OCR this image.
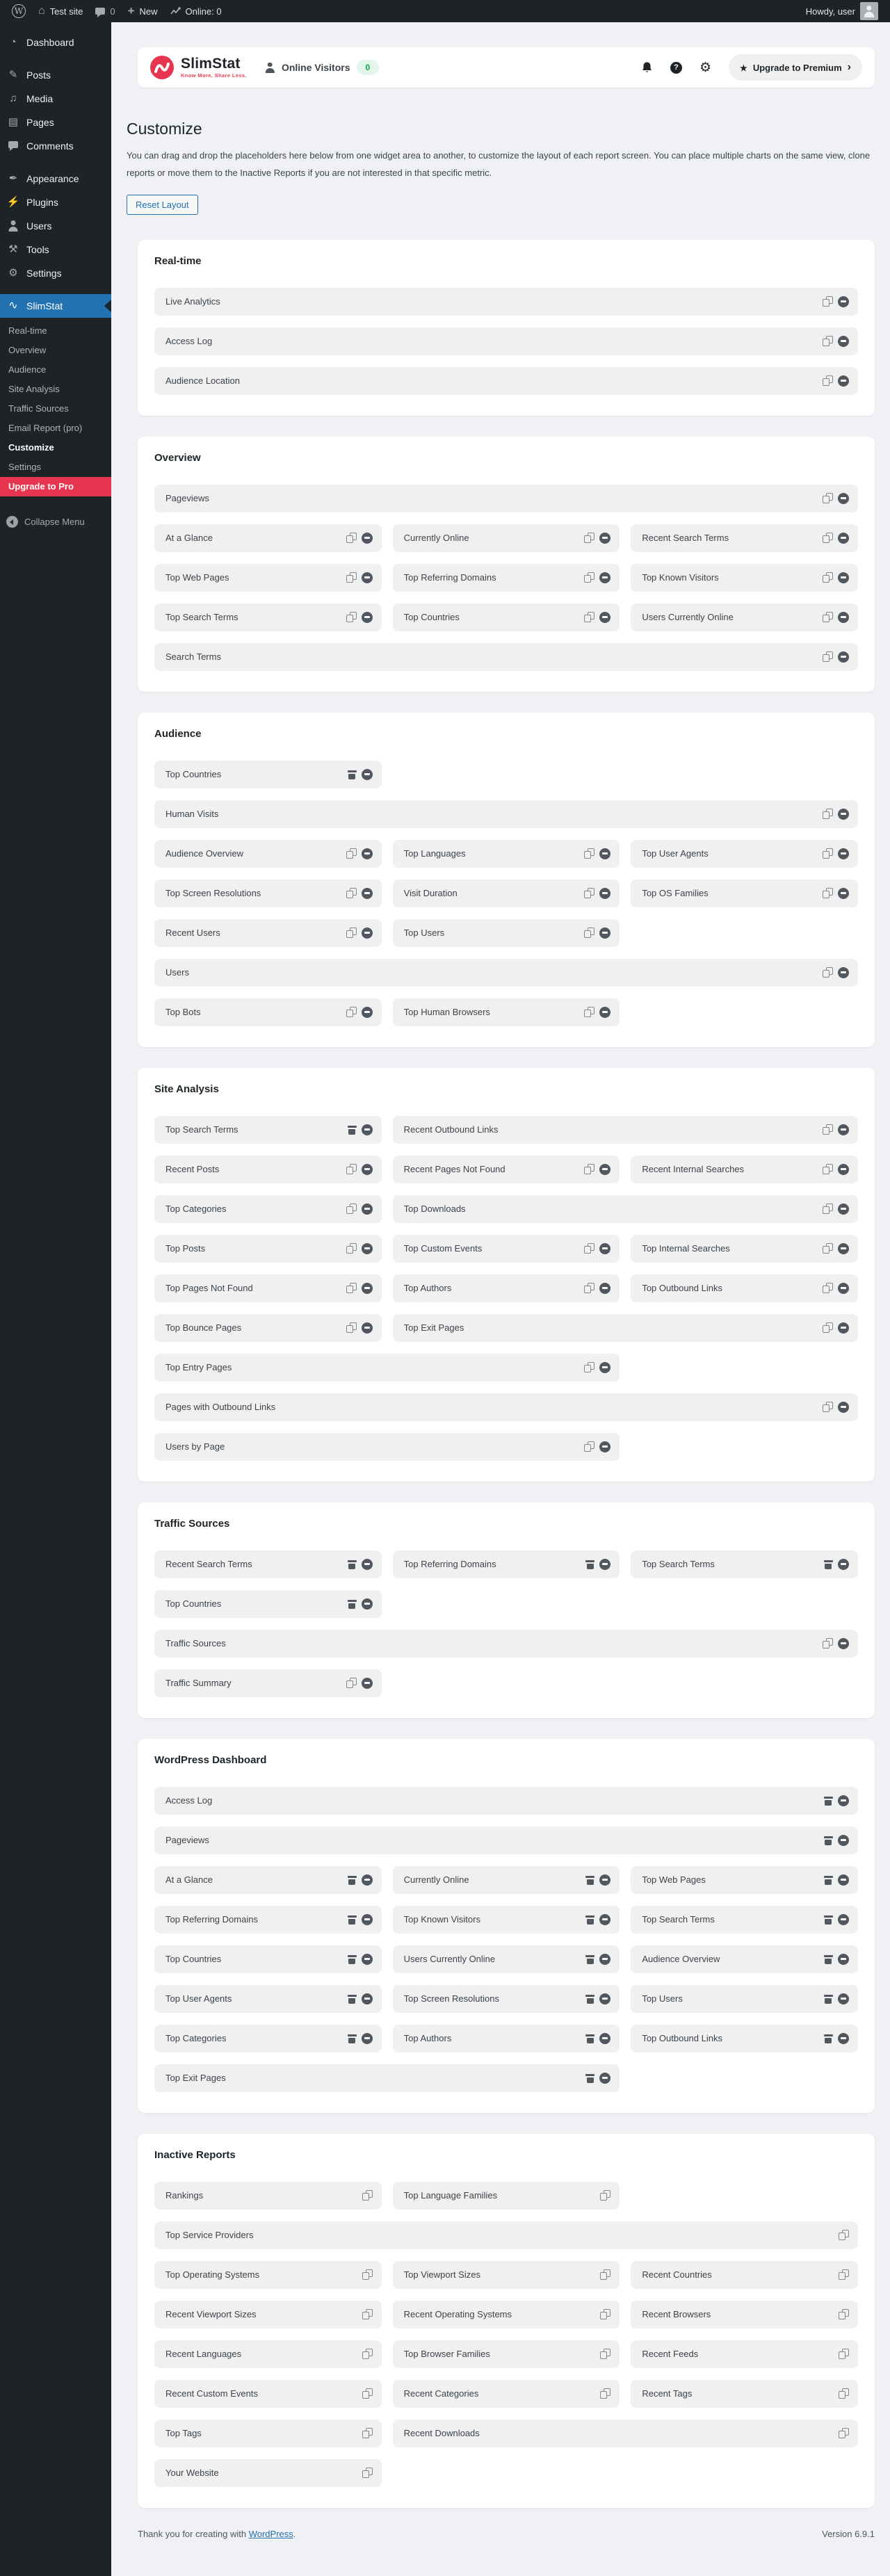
W
⌂
Test site	0 +	New	Online: 0	Howdy, user
◔
Dashboard
✎
Posts
♫
Media
▤
Pages
Comments
✒
Appearance
⚡
Plugins
Users
⚒
Tools
⚙
Settings
∿
SlimStat
Real-time
Overview
Audience
Site Analysis
Traffic Sources
Email Report (pro)
Customize
Settings
Upgrade to Pro
Collapse Menu
SlimStat
Know More, Share Less.
Online Visitors	0 ? ⚙ ★	Upgrade to Premium
›
Customize

You can drag and drop the placeholders here below from one widget area to another, to customize the layout of each report screen. You can place multiple charts on the same view, clone reports or move them to the Inactive Reports if you are not interested in that specific metric.

Reset Layout
Real-time
Live Analytics
Access Log
Audience Location
Overview
Pageviews
At a Glance	Currently Online	Recent Search Terms
Top Web Pages	Top Referring Domains	Top Known Visitors
Top Search Terms	Top Countries	Users Currently Online
Search Terms
Audience
Top Countries
Human Visits
Audience Overview	Top Languages	Top User Agents
Top Screen Resolutions	Visit Duration	Top OS Families
Recent Users	Top Users
Users
Top Bots	Top Human Browsers
Site Analysis
Top Search Terms	Recent Outbound Links
Recent Posts	Recent Pages Not Found	Recent Internal Searches
Top Categories	Top Downloads
Top Posts	Top Custom Events	Top Internal Searches
Top Pages Not Found	Top Authors	Top Outbound Links
Top Bounce Pages	Top Exit Pages
Top Entry Pages
Pages with Outbound Links
Users by Page
Traffic Sources
Recent Search Terms	Top Referring Domains	Top Search Terms
Top Countries
Traffic Sources
Traffic Summary
WordPress Dashboard
Access Log
Pageviews
At a Glance	Currently Online	Top Web Pages
Top Referring Domains	Top Known Visitors	Top Search Terms
Top Countries	Users Currently Online	Audience Overview
Top User Agents	Top Screen Resolutions	Top Users
Top Categories	Top Authors	Top Outbound Links
Top Exit Pages
Inactive Reports
Rankings	Top Language Families
Top Service Providers
Top Operating Systems	Top Viewport Sizes	Recent Countries
Recent Viewport Sizes	Recent Operating Systems	Recent Browsers
Recent Languages	Top Browser Families	Recent Feeds
Recent Custom Events	Recent Categories	Recent Tags
Top Tags	Recent Downloads
Your Website
Thank you for creating with WordPress.	Version 6.9.1
